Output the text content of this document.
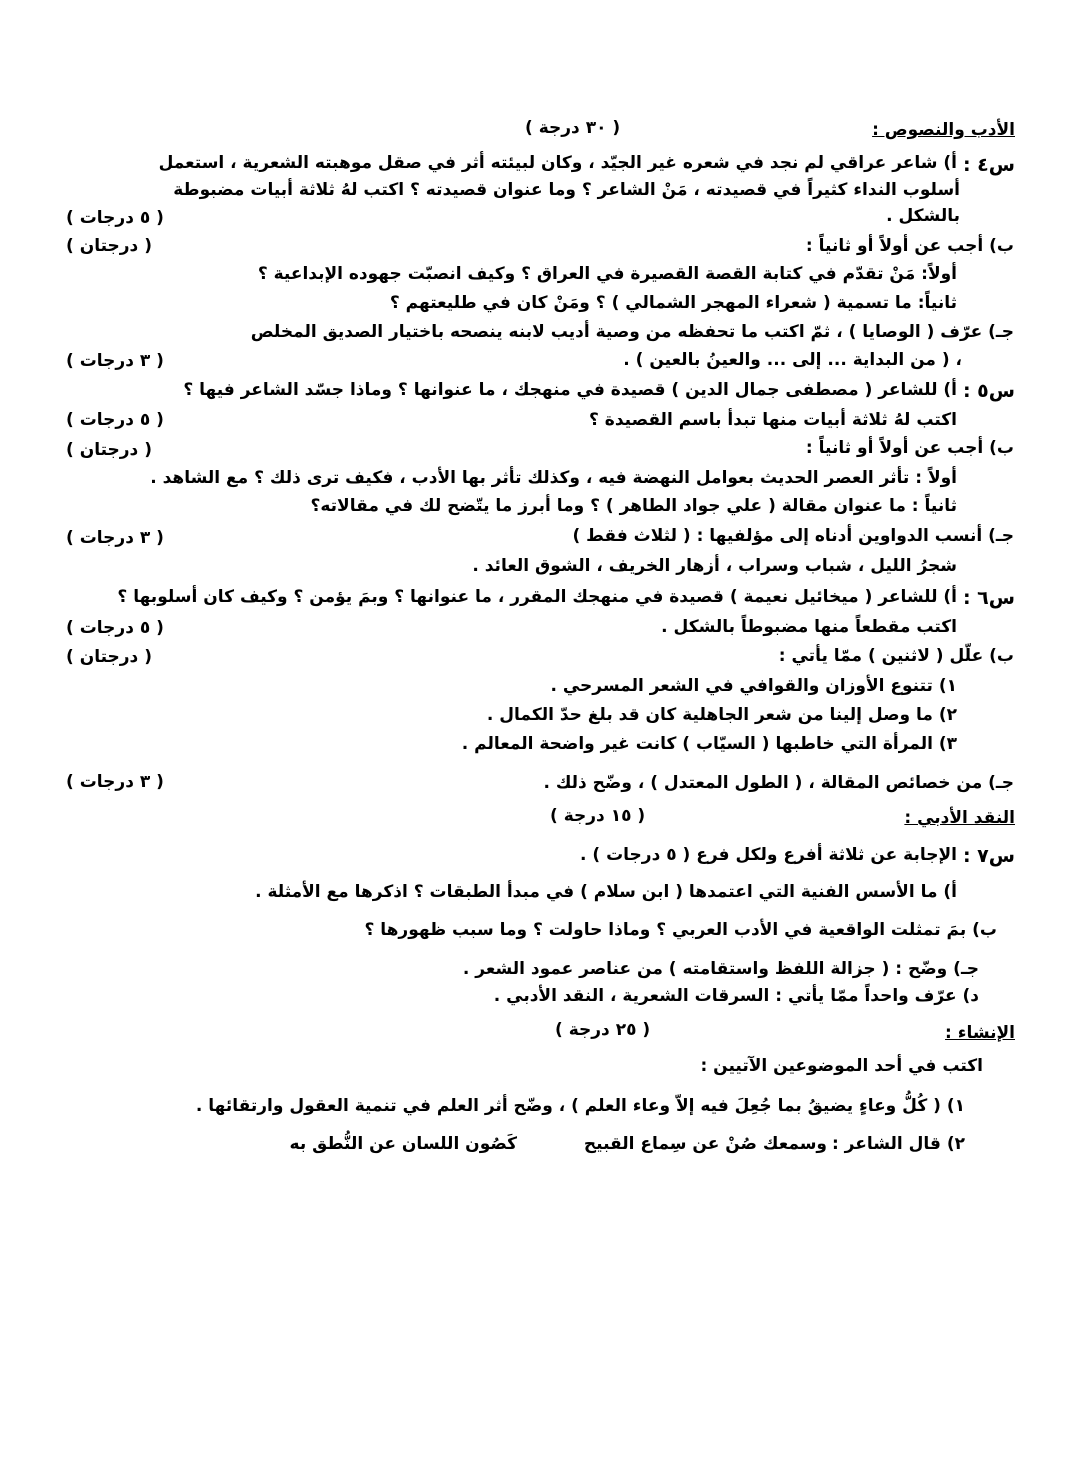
الأدب والنصوص :
( ٣٠ درجة )
س٤ :
أ) شاعر عراقي لم نجد في شعره غير الجيّد ، وكان لبيئته أثر في صقل موهبته الشعرية ، استعمل
أسلوب النداء كثيراً في قصيدته ، مَنْ الشاعر ؟ وما عنوان قصيدته ؟ اكتب لهُ ثلاثة أبيات مضبوطة
بالشكل .
( ٥ درجات )
ب) أجب عن أولاً أو ثانياً :
( درجتان )
أولاً: مَنْ تقدّم في كتابة القصة القصيرة في العراق ؟ وكيف انصبّت جهوده الإبداعية ؟
ثانياً: ما تسمية ( شعراء المهجر الشمالي ) ؟ ومَنْ كان في طليعتهم ؟
جـ) عرّف ( الوصايا ) ، ثمّ اكتب ما تحفظه من وصية أديب لابنه ينصحه باختيار الصديق المخلص
، ( من البداية ... إلى ... والعينُ بالعين ) .
( ٣ درجات )
س٥ :
أ) للشاعر ( مصطفى جمال الدين ) قصيدة في منهجك ، ما عنوانها ؟ وماذا جسّد الشاعر فيها ؟
اكتب لهُ ثلاثة أبيات منها تبدأ باسم القصيدة ؟
( ٥ درجات )
ب) أجب عن أولاً أو ثانياً :
( درجتان )
أولاً : تأثر العصر الحديث بعوامل النهضة فيه ، وكذلك تأثر بها الأدب ، فكيف ترى ذلك ؟ مع الشاهد .
ثانياً : ما عنوان مقالة ( علي جواد الطاهر ) ؟ وما أبرز ما يتّضح لك في مقالاته؟
جـ) أنسب الدواوين أدناه إلى مؤلفيها : ( لثلاث فقط )
( ٣ درجات )
شجرُ الليل ، شباب وسراب ، أزهار الخريف ، الشوق العائد .
س٦ :
أ) للشاعر ( ميخائيل نعيمة ) قصيدة في منهجك المقرر ، ما عنوانها ؟ وبمَ يؤمن ؟ وكيف كان أسلوبها ؟
اكتب مقطعاً منها مضبوطاً بالشكل .
( ٥ درجات )
ب) علّل ( لاثنين ) ممّا يأتي :
( درجتان )
١) تتنوع الأوزان والقوافي في الشعر المسرحي .
٢) ما وصل إلينا من شعر الجاهلية كان قد بلغ حدّ الكمال .
٣) المرأة التي خاطبها ( السيّاب ) كانت غير واضحة المعالم .
جـ) من خصائص المقالة ، ( الطول المعتدل ) ، وضّح ذلك .
( ٣ درجات )
النقد الأدبي :
( ١٥ درجة )
س٧ :
الإجابة عن ثلاثة أفرع ولكل فرع ( ٥ درجات ) .
أ) ما الأسس الفنية التي اعتمدها ( ابن سلام ) في مبدأ الطبقات ؟ اذكرها مع الأمثلة .
ب) بمَ تمثلت الواقعية في الأدب العربي ؟ وماذا حاولت ؟ وما سبب ظهورها ؟
جـ) وضّح : ( جزالة اللفظ واستقامته ) من عناصر عمود الشعر .
د) عرّف واحداً ممّا يأتي : السرقات الشعرية ، النقد الأدبي .
الإنشاء :
( ٢٥ درجة )
اكتب في أحد الموضوعين الآتيين :
١) ( كُلُّ وعاءٍ يضيقُ بما جُعِلَ فيه إلاّ وعاء العلم ) ، وضّح أثر العلم في تنمية العقول وارتقائها .
٢) قال الشاعر :
وسمعك صُنْ عن سِماع القبيح
كَصُون اللسان عن النُّطق به
